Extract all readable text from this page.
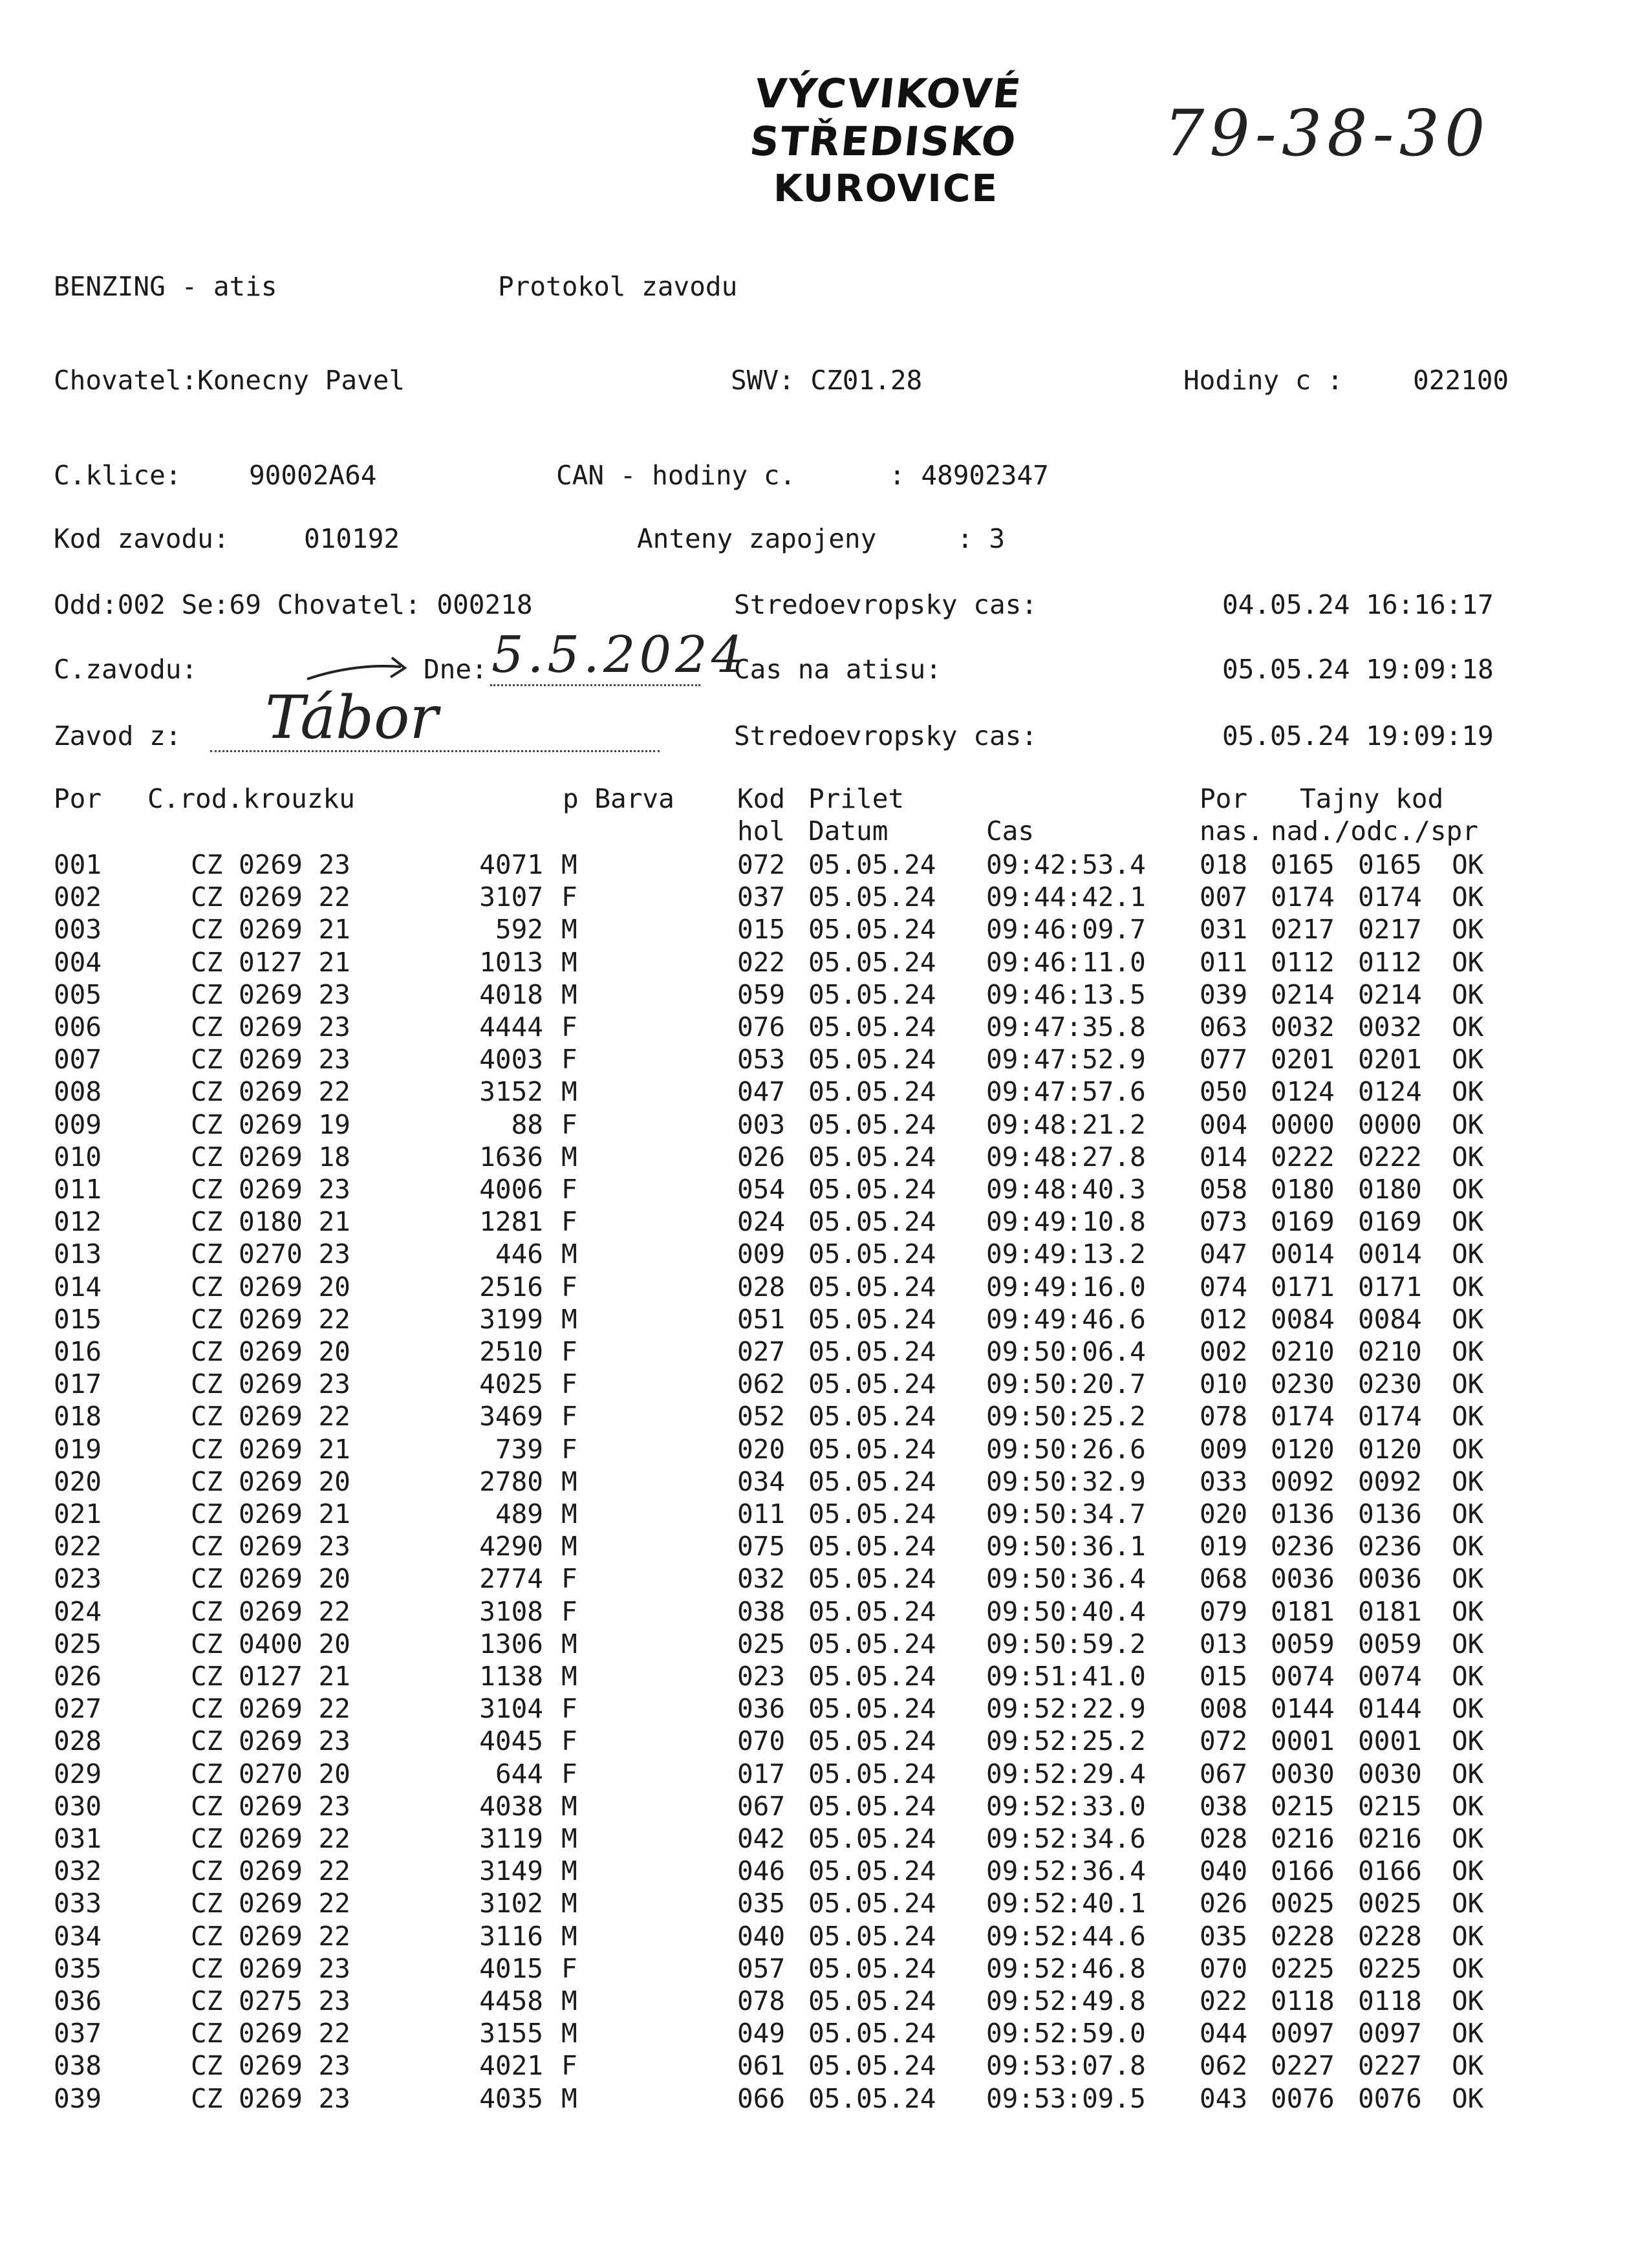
VÝCVIKOVÉ STŘEDISKO
KUROVICE
79-38-30
BENZING - atis	Protokol zavodu
Chovatel:Konecny Pavel	SWV: CZ01.28	Hodiny c :	022100
C.klice:	90002A64	CAN - hodiny c.	: 48902347
Kod zavodu:	010192	Anteny zapojeny	: 3
Odd:002 Se:69 Chovatel: 000218	Stredoevropsky cas:	04.05.24 16:16:17
C.zavodu:	Dne: 5.5.2024
Cas na atisu:	05.05.24 19:09:18
Zavod z: Tábor	Stredoevropsky cas:	05.05.24 19:09:19
Por C.rod.krouzku	p Barva Kod Prilet	Por Tajny kod
hol Datum	Cas	nas. nad./odc./spr
001	CZ 0269 23	4071 M	072 05.05.24	09:42:53.4	018 0165 0165	OK
002	CZ 0269 22	3107 F	037 05.05.24	09:44:42.1	007 0174 0174	OK
003	CZ 0269 21	592 M	015 05.05.24	09:46:09.7	031 0217 0217	OK
004	CZ 0127 21	1013 M	022 05.05.24	09:46:11.0	011 0112 0112	OK
005	CZ 0269 23	4018 M	059 05.05.24	09:46:13.5	039 0214 0214	OK
006	CZ 0269 23	4444 F	076 05.05.24	09:47:35.8	063 0032 0032	OK
007	CZ 0269 23	4003 F	053 05.05.24	09:47:52.9	077 0201 0201	OK
008	CZ 0269 22	3152 M	047 05.05.24	09:47:57.6	050 0124 0124	OK
009	CZ 0269 19	88 F	003 05.05.24	09:48:21.2	004 0000 0000	OK
010	CZ 0269 18	1636 M	026 05.05.24	09:48:27.8	014 0222 0222	OK
011	CZ 0269 23	4006 F	054 05.05.24	09:48:40.3	058 0180 0180	OK
012	CZ 0180 21	1281 F	024 05.05.24	09:49:10.8	073 0169 0169	OK
013	CZ 0270 23	446 M	009 05.05.24	09:49:13.2	047 0014 0014	OK
014	CZ 0269 20	2516 F	028 05.05.24	09:49:16.0	074 0171 0171	OK
015	CZ 0269 22	3199 M	051 05.05.24	09:49:46.6	012 0084 0084	OK
016	CZ 0269 20	2510 F	027 05.05.24	09:50:06.4	002 0210 0210	OK
017	CZ 0269 23	4025 F	062 05.05.24	09:50:20.7	010 0230 0230	OK
018	CZ 0269 22	3469 F	052 05.05.24	09:50:25.2	078 0174 0174	OK
019	CZ 0269 21	739 F	020 05.05.24	09:50:26.6	009 0120 0120	OK
020	CZ 0269 20	2780 M	034 05.05.24	09:50:32.9	033 0092 0092	OK
021	CZ 0269 21	489 M	011 05.05.24	09:50:34.7	020 0136 0136	OK
022	CZ 0269 23	4290 M	075 05.05.24	09:50:36.1	019 0236 0236	OK
023	CZ 0269 20	2774 F	032 05.05.24	09:50:36.4	068 0036 0036	OK
024	CZ 0269 22	3108 F	038 05.05.24	09:50:40.4	079 0181 0181	OK
025	CZ 0400 20	1306 M	025 05.05.24	09:50:59.2	013 0059 0059	OK
026	CZ 0127 21	1138 M	023 05.05.24	09:51:41.0	015 0074 0074	OK
027	CZ 0269 22	3104 F	036 05.05.24	09:52:22.9	008 0144 0144	OK
028	CZ 0269 23	4045 F	070 05.05.24	09:52:25.2	072 0001 0001	OK
029	CZ 0270 20	644 F	017 05.05.24	09:52:29.4	067 0030 0030	OK
030	CZ 0269 23	4038 M	067 05.05.24	09:52:33.0	038 0215 0215	OK
031	CZ 0269 22	3119 M	042 05.05.24	09:52:34.6	028 0216 0216	OK
032	CZ 0269 22	3149 M	046 05.05.24	09:52:36.4	040 0166 0166	OK
033	CZ 0269 22	3102 M	035 05.05.24	09:52:40.1	026 0025 0025	OK
034	CZ 0269 22	3116 M	040 05.05.24	09:52:44.6	035 0228 0228	OK
035	CZ 0269 23	4015 F	057 05.05.24	09:52:46.8	070 0225 0225	OK
036	CZ 0275 23	4458 M	078 05.05.24	09:52:49.8	022 0118 0118	OK
037	CZ 0269 22	3155 M	049 05.05.24	09:52:59.0	044 0097 0097	OK
038	CZ 0269 23	4021 F	061 05.05.24	09:53:07.8	062 0227 0227	OK
039	CZ 0269 23	4035 M	066 05.05.24	09:53:09.5	043 0076 0076	OK
